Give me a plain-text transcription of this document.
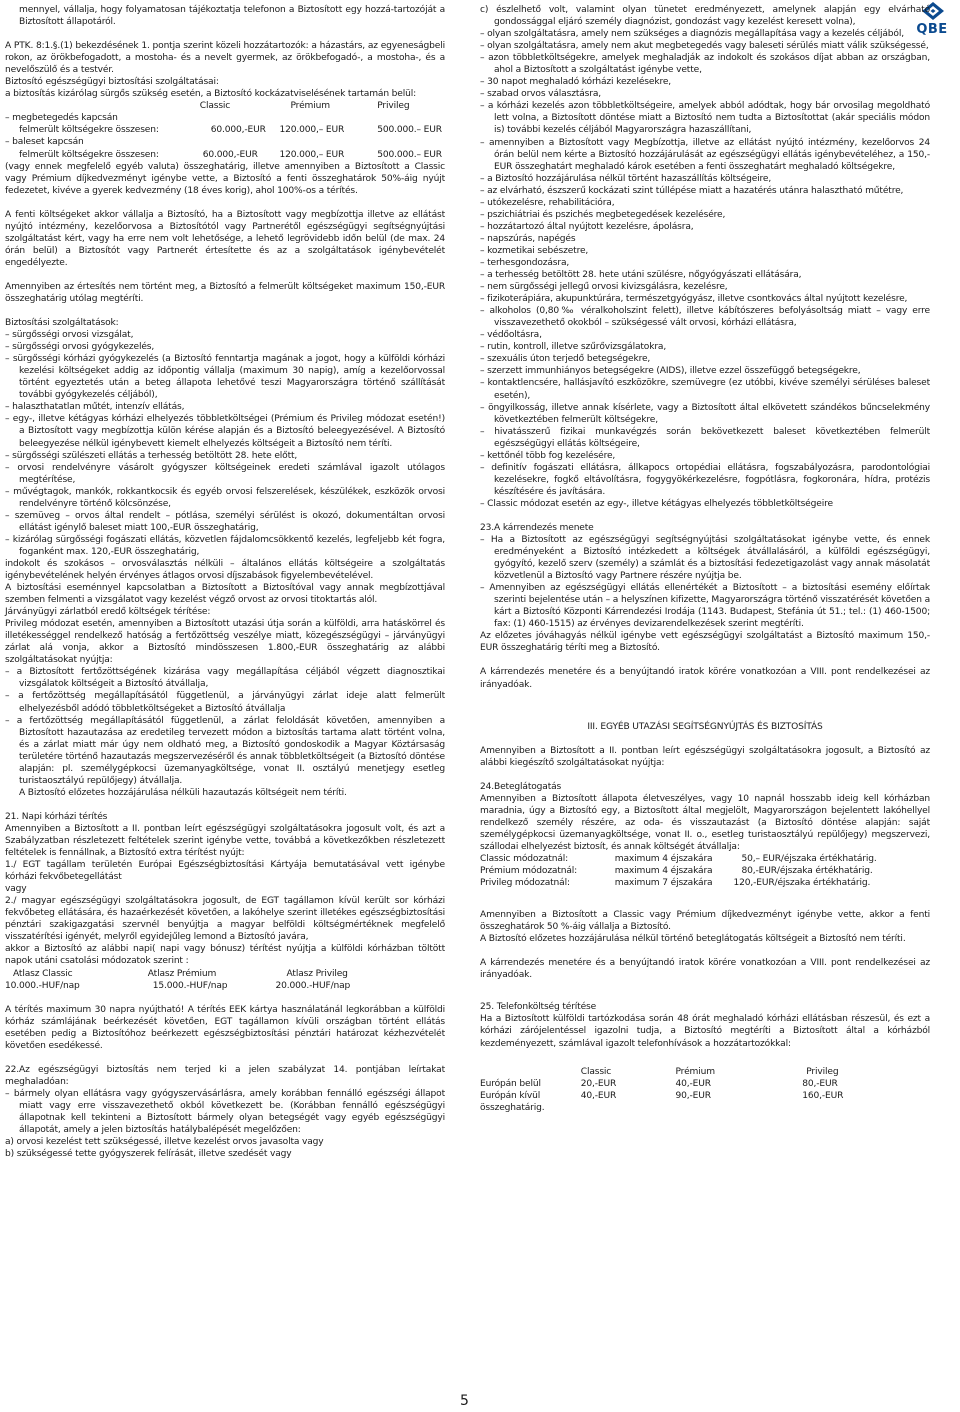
QBE

mennyel, vállalja, hogy folyamatosan tájékoztatja telefonon a Biztosított egy hozzá-tartozóját a Biztosított állapotáról.

A PTK. 8:1.§.(1) bekezdésének 1. pontja szerint közeli hozzátartozók: a házastárs, az egyeneságbeli rokon, az örökbefogadott, a mostoha- és a nevelt gyermek, az örökbefogadó-, a mostoha-, és a nevelőszülő és a testvér.

Biztosító egészségügyi biztosítási szolgáltatásai:

a biztosítás kizárólag sürgős szükség esetén, a Biztosító kockázatviselésének tartamán belül:

Classic	Prémium	Privileg
– megbetegedés kapcsán
felmerült költségekre összesen:	60.000,-EUR 120.000,– EUR	500.000.– EUR
– baleset kapcsán
felmerült költségekre összesen:	60.000,-EUR 120.000,– EUR	500.000.– EUR

(vagy ennek megfelelő egyéb valuta) összeghatárig, illetve amennyiben a Biztosított a Classic vagy Prémium díjkedvezményt igénybe vette, a Biztosító a fenti összeghatárok 50%-áig nyújt fedezetet, kivéve a gyerek kedvezmény (18 éves korig), ahol 100%-os a térítés.

A fenti költségeket akkor vállalja a Biztosító, ha a Biztosított vagy megbízottja illetve az ellátást nyújtó intézmény, kezelőorvosa a Biztosítótól vagy Partnerétől egészségügyi segítségnyújtási szolgáltatást kért, vagy ha erre nem volt lehetősége, a lehető legrövidebb időn belül (de max. 24 órán belül) a Biztosítót vagy Partnerét értesítette és az a szolgáltatások igénybevételét engedélyezte.

Amennyiben az értesítés nem történt meg, a Biztosító a felmerült költségeket maximum 150,-EUR összeghatárig utólag megtéríti.

Biztosítási szolgáltatások:

– sürgősségi orvosi vizsgálat,

– sürgősségi orvosi gyógykezelés,

– sürgősségi kórházi gyógykezelés (a Biztosító fenntartja magának a jogot, hogy a külföldi kórházi kezelési költségeket addig az időpontig vállalja (maximum 30 napig), amíg a kezelőorvossal történt egyeztetés után a beteg állapota lehetővé teszi Magyarországra történő szállítását további gyógykezelés céljából),

– halaszthatatlan műtét, intenzív ellátás,

– egy-, illetve kétágyas kórházi elhelyezés többletköltségei (Prémium és Privileg módozat esetén!) a Biztosított vagy megbízottja külön kérése alapján és a Biztosító beleegyezésével. A Biztosító beleegyezése nélkül igénybevett kiemelt elhelyezés költségeit a Biztosító nem téríti.

– sürgősségi szülészeti ellátás a terhesség betöltött 28. hete előtt,

– orvosi rendelvényre vásárolt gyógyszer költségeinek eredeti számlával igazolt utólagos megtérítése,

– művégtagok, mankók, rokkantkocsik és egyéb orvosi felszerelések, készülékek, eszközök orvosi rendelvényre történő kölcsönzése,

– szemüveg – orvos által rendelt – pótlása, személyi sérülést is okozó, dokumentáltan orvosi ellátást igénylő baleset miatt 100,-EUR összeghatárig,

– kizárólag sürgősségi fogászati ellátás, közvetlen fájdalomcsökkentő kezelés, legfeljebb két fogra, foganként max. 120,-EUR összeghatárig,

indokolt és szokásos – orvosválasztás nélküli – általános ellátás költségeire a szolgáltatás igénybevételének helyén érvényes átlagos orvosi díjszabások figyelembevételével.

A biztosítási eseménnyel kapcsolatban a Biztosított a Biztosítóval vagy annak megbízottjával szemben felmenti a vizsgálatot vagy kezelést végző orvost az orvosi titoktartás alól.

Járványügyi zárlatból eredő költségek térítése:

Privileg módozat esetén, amennyiben a Biztosított utazási útja során a külföldi, arra hatáskörrel és illetékességgel rendelkező hatóság a fertőzöttség veszélye miatt, közegészségügyi – járványügyi zárlat alá vonja, akkor a Biztosító mindösszesen 1.800,-EUR összeghatárig az alábbi szolgáltatásokat nyújtja:

– a Biztosított fertőzöttségének kizárása vagy megállapítása céljából végzett diagnosztikai vizsgálatok költségeit a Biztosító átvállalja,

– a fertőzöttség megállapításától függetlenül, a járványügyi zárlat ideje alatt felmerült elhelyezésből adódó többletköltségeket a Biztosító átvállalja

– a fertőzöttség megállapításától függetlenül, a zárlat feloldását követően, amennyiben a Biztosított hazautazása az eredetileg tervezett módon a biztosítás tartama alatt történt volna, és a zárlat miatt már úgy nem oldható meg, a Biztosító gondoskodik a Magyar Köztársaság területére történő hazautazás megszervezéséről és annak többletköltségeit (a Biztosító döntése alapján: pl. személygépkocsi üzemanyagköltsége, vonat II. osztályú menetjegy esetleg turistaosztályú repülőjegy) átvállalja.

A Biztosító előzetes hozzájárulása nélküli hazautazás költségeit nem téríti.

21. Napi kórházi térítés

Amennyiben a Biztosított a II. pontban leírt egészségügyi szolgáltatásokra jogosult volt, és azt a Szabályzatban részletezett feltételek szerint igénybe vette, továbbá a következőkben részletezett feltételek is fennállnak, a Biztosító extra térítést nyújt:

1./ EGT tagállam területén Európai Egészségbiztosítási Kártyája bemutatásával vett igénybe kórházi fekvőbetegellátást

vagy

2./ magyar egészségügyi szolgáltatásokra jogosult, de EGT tagállamon kívül került sor kórházi fekvőbeteg ellátására, és hazaérkezését követően, a lakóhelye szerint illetékes egészségbiztosítási pénztári szakigazgatási szervnél benyújtja a magyar belföldi költségmértéknek megfelelő visszatérítési igényét, melyről egyidejűleg lemond a Biztosító javára,

akkor a Biztosító az alábbi napi( napi vagy bónusz) térítést nyújtja a külföldi kórházban töltött napok utáni csatolási módozatok szerint :

Atlasz Classic	Atlasz Prémium	Atlasz Privileg
10.000.-HUF/nap	15.000.-HUF/nap	20.000.-HUF/nap

A térítés maximum 30 napra nyújtható! A térítés EEK kártya használatánál legkorábban a külföldi kórház számlájának beérkezését követően, EGT tagállamon kívüli országban történt ellátás esetében pedig a Biztosítóhoz beérkezett egészségbiztosítási pénztári határozat kézhezvételét követően esedékessé.

22.Az egészségügyi biztosítás nem terjed ki a jelen szabályzat 14. pontjában leírtakat meghaladóan:

– bármely olyan ellátásra vagy gyógyszervásárlásra, amely korábban fennálló egészségi állapot miatt vagy erre visszavezethető okból következett be. (Korábban fennálló egészségügyi állapotnak kell tekinteni a Biztosított bármely olyan betegségét vagy egyéb egészségügyi állapotát, amely a jelen biztosítás hatálybalépését megelőzően:

a) orvosi kezelést tett szükségessé, illetve kezelést orvos javasolta vagy

b) szükségessé tette gyógyszerek felírását, illetve szedését vagy

c) észlelhető volt, valamint olyan tünetet eredményezett, amelynek alapján egy elvárható gondossággal eljáró személy diagnózist, gondozást vagy kezelést keresett volna),

– olyan szolgáltatásra, amely nem szükséges a diagnózis megállapítása vagy a kezelés céljából,

– olyan szolgáltatásra, amely nem akut megbetegedés vagy baleseti sérülés miatt válik szükségessé,

– azon többletköltségekre, amelyek meghaladják az indokolt és szokásos díjat abban az országban, ahol a Biztosított a szolgáltatást igénybe vette,

– 30 napot meghaladó kórházi kezelésekre,

– szabad orvos választásra,

– a kórházi kezelés azon többletköltségeire, amelyek abból adódtak, hogy bár orvosilag megoldható lett volna, a Biztosított döntése miatt a Biztosító nem tudta a Biztosítottat (akár speciális módon is) további kezelés céljából Magyarországra hazaszállítani,

– amennyiben a Biztosított vagy Megbízottja, illetve az ellátást nyújtó intézmény, kezelőorvos 24 órán belül nem kérte a Biztosító hozzájárulását az egészségügyi ellátás igénybevételéhez, a 150,-EUR összeghatárt meghaladó károk esetében a fenti összeghatárt meghaladó költségekre,

– a Biztosító hozzájárulása nélkül történt hazaszállítás költségeire,

– az elvárható, észszerű kockázati szint túllépése miatt a hazatérés utánra halasztható műtétre,

– utókezelésre, rehabilitációra,

– pszichiátriai és pszichés megbetegedések kezelésére,

– hozzátartozó által nyújtott kezelésre, ápolásra,

– napszúrás, napégés

– kozmetikai sebészetre,

– terhesgondozásra,

– a terhesség betöltött 28. hete utáni szülésre, nőgyógyászati ellátására,

– nem sürgősségi jellegű orvosi kivizsgálásra, kezelésre,

– fizikoterápiára, akupunktúrára, természetgyógyász, illetve csontkovács által nyújtott kezelésre,

– alkoholos (0,80‰ véralkoholszint felett), illetve kábítószeres befolyásoltság miatt – vagy erre visszavezethető okokból – szükségessé vált orvosi, kórházi ellátásra,

– védőoltásra,

– rutin, kontroll, illetve szűrővizsgálatokra,

– szexuális úton terjedő betegségekre,

– szerzett immunhiányos betegségekre (AIDS), illetve ezzel összefüggő betegségekre,

– kontaktlencsére, hallásjavító eszközökre, szemüvegre (ez utóbbi, kivéve személyi sérüléses baleset esetén),

– öngyilkosság, illetve annak kísérlete, vagy a Biztosított által elkövetett szándékos bűncselekmény következtében felmerült költségekre,

– hivatásszerű fizikai munkavégzés során bekövetkezett baleset következtében felmerült egészségügyi ellátás költségeire,

– kettőnél több fog kezelésére,

– definitív fogászati ellátásra, állkapocs ortopédiai ellátásra, fogszabályozásra, parodontológiai kezelésekre, fogkő eltávolításra, fogygyökérkezelésre, fogpótlásra, fogkoronára, hídra, protézis készítésére és javítására.

– Classic módozat esetén az egy-, illetve kétágyas elhelyezés többletköltségeire

23.A kárrendezés menete

– Ha a Biztosított az egészségügyi segítségnyújtási szolgáltatásokat igénybe vette, és ennek eredményeként a Biztosító intézkedett a költségek átvállalásáról, a külföldi egészségügyi, gyógyító, kezelő szerv (személy) a számlát és a biztosítási fedezetigazolást vagy annak másolatát közvetlenül a Biztosító vagy Partnere részére nyújtja be.

– Amennyiben az egészségügyi ellátás ellenértékét a Biztosított – a biztosítási esemény előírtak szerinti bejelentése után – a helyszínen kifizette, Magyarországra történő visszatérését követően a kárt a Biztosító Központi Kárrendezési Irodája (1143. Budapest, Stefánia út 51.; tel.: (1) 460-1500; fax: (1) 460-1515) az érvényes devizarendelkezések szerint megtéríti.

Az előzetes jóváhagyás nélkül igénybe vett egészségügyi szolgáltatást a Biztosító maximum 150,-EUR összeghatárig téríti meg a Biztosító.

A kárrendezés menetére és a benyújtandó iratok körére vonatkozóan a VIII. pont rendelkezései az irányadóak.

III. EGYÉB UTAZÁSI SEGÍTSÉGNYÚJTÁS ÉS BIZTOSÍTÁS

Amennyiben a Biztosított a II. pontban leírt egészségügyi szolgáltatásokra jogosult, a Biztosító az alábbi kiegészítő szolgáltatásokat nyújtja:

24.Beteglátogatás

Amennyiben a Biztosított állapota életveszélyes, vagy 10 napnál hosszabb ideig kell kórházban maradnia, úgy a Biztosító egy, a Biztosított által megjelölt, Magyarországon bejelentett lakóhellyel rendelkező személy részére, az oda- és visszautazást (a Biztosító döntése alapján: saját személygépkocsi üzemanyagköltsége, vonat II. o., esetleg turistaosztályú repülőjegy) megszervezi, szállodai elhelyezést biztosít, és annak költségét átvállalja:

Classic módozatnál:	maximum 4 éjszakára	50,– EUR/éjszaka értékhatárig.
Prémium módozatnál:	maximum 4 éjszakára	80,-EUR/éjszaka értékhatárig.
Privileg módozatnál:	maximum 7 éjszakára 120,-EUR/éjszaka értékhatárig.

Amennyiben a Biztosított a Classic vagy Prémium díjkedvezményt igénybe vette, akkor a fenti összeghatárok 50 %-áig vállalja a Biztosító.

A Biztosító előzetes hozzájárulása nélkül történő beteglátogatás költségeit a Biztosító nem téríti.

A kárrendezés menetére és a benyújtandó iratok körére vonatkozóan a VIII. pont rendelkezései az irányadóak.

25. Telefonköltség térítése

Ha a Biztosított külföldi tartózkodása során 48 órát meghaladó kórházi ellátásban részesül, és ezt a kórházi zárójelentéssel igazolni tudja, a Biztosító megtéríti a Biztosított által a kórházból kezdeményezett, számlával igazolt telefonhívások a hozzátartozókkal:

Classic	Prémium	Privileg
Európán belül	20,-EUR	40,-EUR	80,-EUR
Európán kívül	40,-EUR	90,-EUR	160,-EUR
összeghatárig.
5
